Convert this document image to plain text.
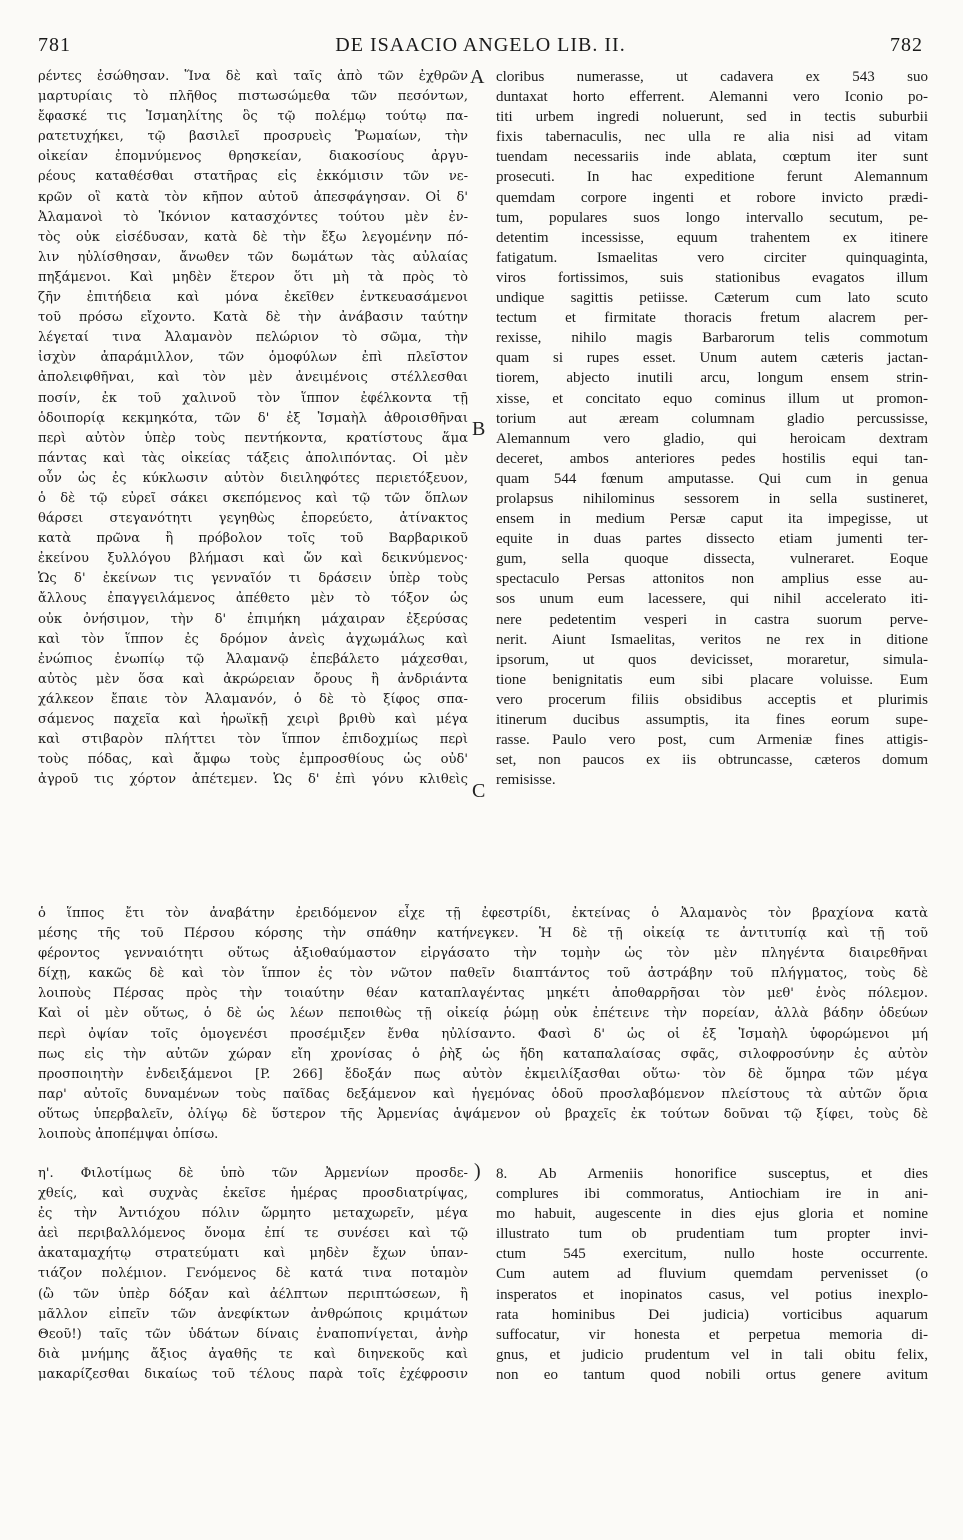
781	DE ISAACIO ANGELO LIB. II.	782
ρέντες ἐσώθησαν. Ἵνα δὲ καὶ ταῖς ἀπὸ τῶν ἐχθρῶν
μαρτυρίαις τὸ πλῆθος πιστωσώμεθα τῶν πεσόντων,
ἔφασκέ τις Ἰσμαηλίτης ὃς τῷ πολέμῳ τούτῳ πα-
ρατετυχήκει, τῷ βασιλεῖ προσρυεὶς Ῥωμαίων, τὴν
οἰκείαν ἐπομνύμενος θρησκείαν, διακοσίους ἀργυ-
ρέους καταθέσθαι στατῆρας εἰς ἐκκόμισιν τῶν νε-
κρῶν οἳ κατὰ τὸν κῆπον αὐτοῦ ἀπεσφάγησαν. Οἱ δ'
Ἀλαμανοὶ τὸ Ἰκόνιον κατασχόντες τούτου μὲν ἐν-
τὸς οὐκ εἰσέδυσαν, κατὰ δὲ τὴν ἔξω λεγομένην πό-
λιν ηὐλίσθησαν, ἄνωθεν τῶν δωμάτων τὰς αὐλαίας
πηξάμενοι. Καὶ μηδὲν ἕτερον ὅτι μὴ τὰ πρὸς τὸ
ζῆν ἐπιτήδεια καὶ μόνα ἐκεῖθεν ἐντκευασάμενοι
τοῦ πρόσω εἴχοντο. Κατὰ δὲ τὴν ἀνάβασιν ταύτην
λέγεταί τινα Ἀλαμανὸν πελώριον τὸ σῶμα, τὴν
ἰσχὺν ἀπαράμιλλον, τῶν ὁμοφύλων ἐπὶ πλεῖστον
ἀπολειφθῆναι, καὶ τὸν μὲν ἀνειμένοις στέλλεσθαι
ποσίν, ἐκ τοῦ χαλινοῦ τὸν ἵππον ἐφέλκοντα τῇ
ὁδοιπορίᾳ κεκμηκότα, τῶν δ' ἐξ Ἰσμαὴλ ἀθροισθῆναι
περὶ αὐτὸν ὑπὲρ τοὺς πεντήκοντα, κρατίστους ἅμα
πάντας καὶ τὰς οἰκείας τάξεις ἀπολιπόντας. Οἱ μὲν
οὖν ὡς ἐς κύκλωσιν αὐτὸν διειληφότες περιετόξευον,
ὁ δὲ τῷ εὐρεῖ σάκει σκεπόμενος καὶ τῷ τῶν ὅπλων
θάρσει στεγανότητι γεγηθὼς ἐπορεύετο, ἀτίνακτος
κατὰ πρῶνα ἢ πρόβολον τοῖς τοῦ Βαρβαρικοῦ
ἐκείνου ξυλλόγου βλήμασι καὶ ὤν καὶ δεικνύμενος·
Ὡς δ' ἐκείνων τις γενναῖόν τι δράσειν ὑπὲρ τοὺς
ἄλλους ἐπαγγειλάμενος ἀπέθετο μὲν τὸ τόξον ὡς
οὐκ ὀνήσιμον, τὴν δ' ἐπιμήκη μάχαιραν ἐξερύσας
καὶ τὸν ἵππον ἐς δρόμον ἀνεὶς ἀγχωμάλως καὶ
ἐνώπιος ἐνωπίῳ τῷ Ἀλαμανῷ ἐπεβάλετο μάχεσθαι,
αὐτὸς μὲν ὅσα καὶ ἀκρώρειαν ὄρους ἢ ἀνδριάντα
χάλκεον ἔπαιε τὸν Ἀλαμανόν, ὁ δὲ τὸ ξίφος σπα-
σάμενος παχεῖα καὶ ἡρωϊκῇ χειρὶ βριθὺ καὶ μέγα
καὶ στιβαρὸν πλήττει τὸν ἵππον ἐπιδοχμίως περὶ
τοὺς πόδας, καὶ ἄμφω τοὺς ἐμπροσθίους ὡς οὐδ'
ἀγροῦ τις χόρτον ἀπέτεμεν. Ὡς δ' ἐπὶ γόνυ κλιθεὶς
cloribus numerasse, ut cadavera ex 543 suo
duntaxat horto efferrent. Alemanni vero Iconio po-
titi urbem ingredi noluerunt, sed in tectis suburbii
fixis tabernaculis, nec ulla re alia nisi ad vitam
tuendam necessariis inde ablata, cœptum iter sunt
prosecuti. In hac expeditione ferunt Alemannum
quemdam corpore ingenti et robore invicto prædi-
tum, populares suos longo intervallo secutum, pe-
detentim incessisse, equum trahentem ex itinere
fatigatum. Ismaelitas vero circiter quinquaginta,
viros fortissimos, suis stationibus evagatos illum
undique sagittis petiisse. Cæterum cum lato scuto
tectum et firmitate thoracis fretum alacrem per-
rexisse, nihilo magis Barbarorum telis commotum
quam si rupes esset. Unum autem cæteris jactan-
tiorem, abjecto inutili arcu, longum ensem strin-
xisse, et concitato equo cominus illum ut promon-
torium aut æream columnam gladio percussisse,
Alemannum vero gladio, qui heroicam dextram
deceret, ambos anteriores pedes hostilis equi tan-
quam 544 fœnum amputasse. Qui cum in genua
prolapsus nihilominus sessorem in sella sustineret,
ensem in medium Persæ caput ita impegisse, ut
equite in duas partes dissecto etiam jumenti ter-
gum, sella quoque dissecta, vulneraret. Eoque
spectaculo Persas attonitos non amplius esse au-
sos unum eum lacessere, qui nihil accelerato iti-
nere pedetentim vesperi in castra suorum perve-
nerit. Aiunt Ismaelitas, veritos ne rex in ditione
ipsorum, ut quos devicisset, moraretur, simula-
tione benignitatis eum sibi placare voluisse. Eum
vero procerum filiis obsidibus acceptis et plurimis
itinerum ducibus assumptis, ita fines eorum supe-
rasse. Paulo vero post, cum Armeniæ fines attigis-
set, non paucos ex iis obtruncasse, cæteros domum
remisisse.
A
B
C
)
ὁ ἵππος ἔτι τὸν ἀναβάτην ἐρειδόμενον εἶχε τῇ ἐφεστρίδι, ἐκτείνας ὁ Ἀλαμανὸς τὸν βραχίονα κατὰ
μέσης τῆς τοῦ Πέρσου κόρσης τὴν σπάθην κατήνεγκεν. Ἡ δὲ τῇ οἰκείᾳ τε ἀντιτυπίᾳ καὶ τῇ τοῦ
φέροντος γενναιότητι οὕτως ἀξιοθαύμαστον εἰργάσατο τὴν τομὴν ὡς τὸν μὲν πληγέντα διαιρεθῆναι
δίχῃ, κακῶς δὲ καὶ τὸν ἵππον ἐς τὸν νῶτον παθεῖν διαπτάντος τοῦ ἀστράβην τοῦ πλήγματος, τοὺς δὲ
λοιποὺς Πέρσας πρὸς τὴν τοιαύτην θέαν καταπλαγέντας μηκέτι ἀποθαρρῆσαι τὸν μεθ' ἑνὸς πόλεμον.
Καὶ οἱ μὲν οὕτως, ὁ δὲ ὡς λέων πεποιθὼς τῇ οἰκείᾳ ῥώμῃ οὐκ ἐπέτεινε τὴν πορείαν, ἀλλὰ βάδην ὁδεύων
περὶ ὀψίαν τοῖς ὁμογενέσι προσέμιξεν ἔνθα ηὐλίσαντο. Φασὶ δ' ὡς οἱ ἐξ Ἰσμαὴλ ὑφορώμενοι μή
πως εἰς τὴν αὐτῶν χώραν εἴη χρονίσας ὁ ῥὴξ ὡς ἤδη καταπαλαίσας σφᾶς, σιλοφροσύνην ἐς αὐτὸν
προσποιητὴν ἐνδειξάμενοι [P. 266] ἔδοξάν πως αὐτὸν ἐκμειλίξασθαι οὕτω· τὸν δὲ ὅμηρα τῶν μέγα
παρ' αὐτοῖς δυναμένων τοὺς παῖδας δεξάμενον καὶ ἡγεμόνας ὁδοῦ προσλαβόμενον πλείστους τὰ αὐτῶν ὅρια
οὕτως ὑπερβαλεῖν, ὀλίγῳ δὲ ὕστερον τῆς Ἀρμενίας ἁψάμενον οὐ βραχεῖς ἐκ τούτων δοῦναι τῷ ξίφει, τοὺς δὲ
λοιποὺς ἀποπέμψαι ὀπίσω.
η'. Φιλοτίμως δὲ ὑπὸ τῶν Ἀρμενίων προσδε-
χθείς, καὶ συχνὰς ἐκεῖσε ἡμέρας προσδιατρίψας,
ἐς τὴν Ἀντιόχου πόλιν ὥρμητο μεταχωρεῖν, μέγα
ἀεὶ περιβαλλόμενος ὄνομα ἐπί τε συνέσει καὶ τῷ
ἀκαταμαχήτῳ στρατεύματι καὶ μηδὲν ἔχων ὑπαν-
τιάζον πολέμιον. Γενόμενος δὲ κατά τινα ποταμὸν
(ὢ τῶν ὑπὲρ δόξαν καὶ ἀέλπτων περιπτώσεων, ἢ
μᾶλλον εἰπεῖν τῶν ἀνεφίκτων ἀνθρώποις κριμάτων
Θεοῦ!) ταῖς τῶν ὑδάτων δίναις ἐναποπνίγεται, ἀνὴρ
διὰ μνήμης ἄξιος ἀγαθῆς τε καὶ διηνεκοῦς καὶ
μακαρίζεσθαι δικαίως τοῦ τέλους παρὰ τοῖς ἐχέφροσιν
8. Ab Armeniis honorifice susceptus, et dies
complures ibi commoratus, Antiochiam ire in ani-
mo habuit, augescente in dies ejus gloria et nomine
illustrato tum ob prudentiam tum propter invi-
ctum 545 exercitum, nullo hoste occurrente.
Cum autem ad fluvium quemdam pervenisset (o
insperatos et inopinatos casus, vel potius inexplo-
rata hominibus Dei judicia) vorticibus aquarum
suffocatur, vir honesta et perpetua memoria di-
gnus, et judicio prudentum vel in tali obitu felix,
non eo tantum quod nobili ortus genere avitum
